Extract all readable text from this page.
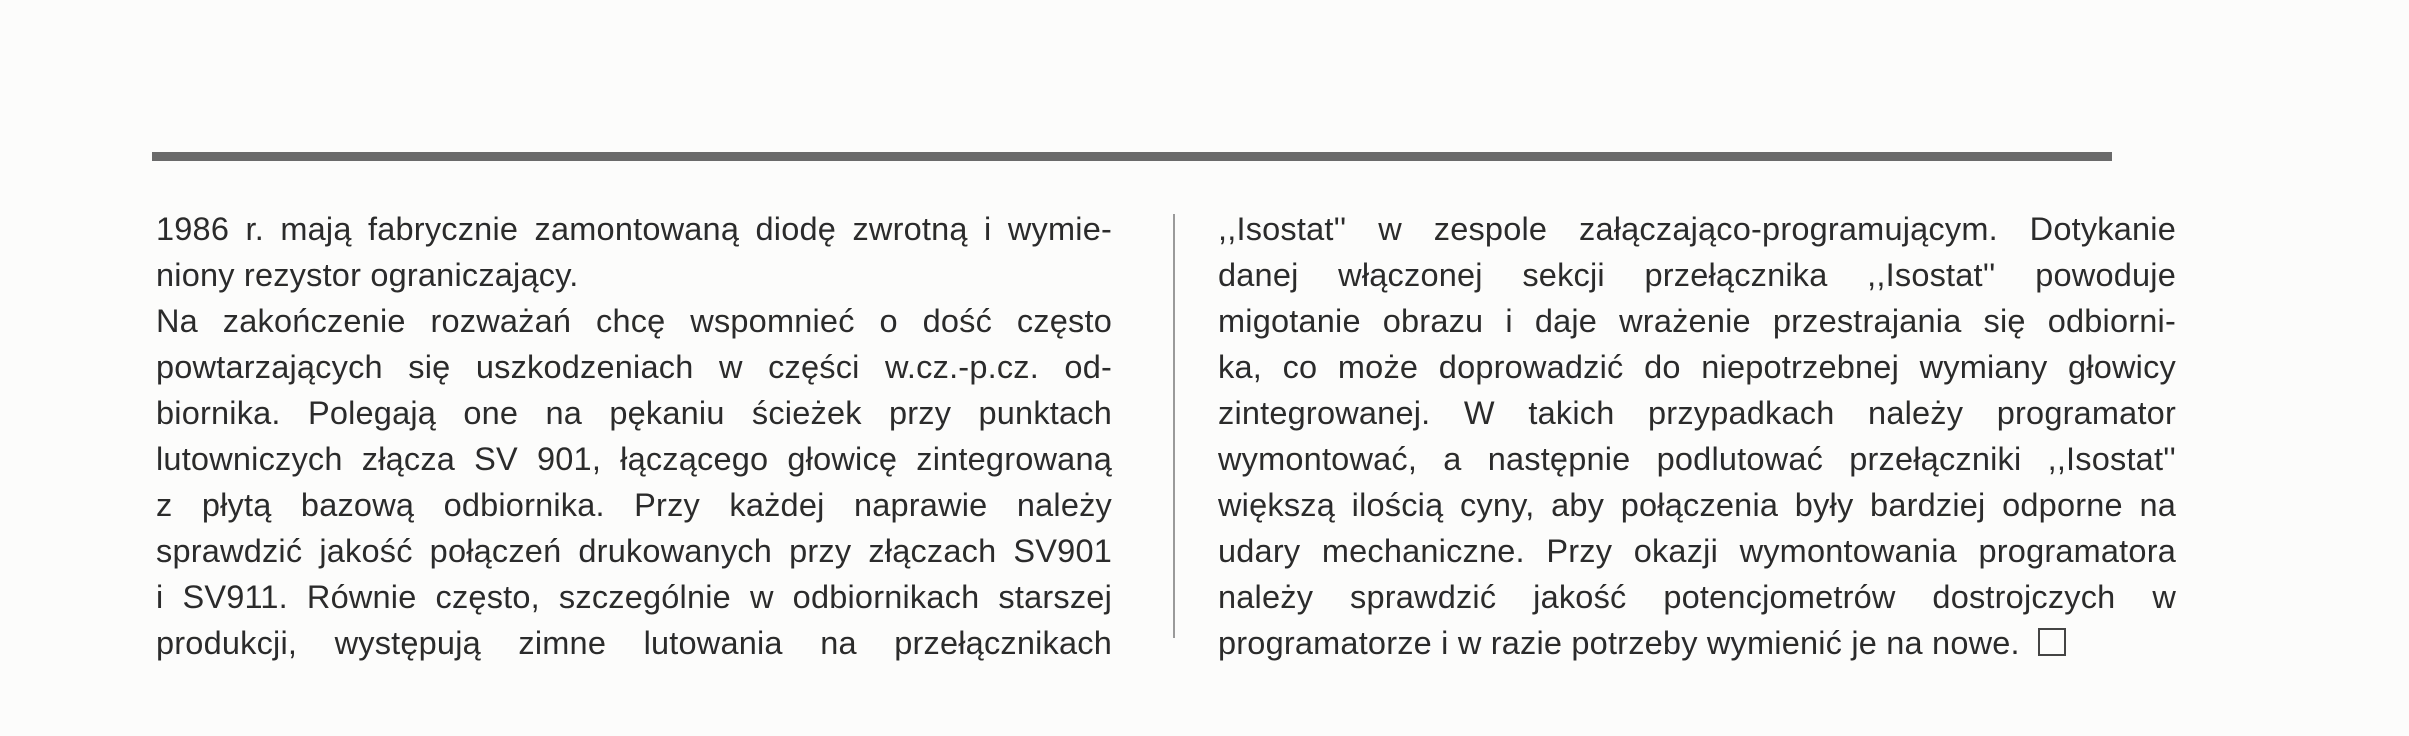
1986 r. mają fabrycznie zamontowaną diodę zwrotną i wymie-
niony rezystor ograniczający.
Na zakończenie rozważań chcę wspomnieć o dość często
powtarzających się uszkodzeniach w części w.cz.-p.cz. od-
biornika. Polegają one na pękaniu ścieżek przy punktach
lutowniczych złącza SV 901, łączącego głowicę zintegrowaną
z płytą bazową odbiornika. Przy każdej naprawie należy
sprawdzić jakość połączeń drukowanych przy złączach SV901
i SV911. Równie często, szczególnie w odbiornikach starszej
produkcji, występują zimne lutowania na przełącznikach
,,Isostat'' w zespole załączająco-programującym. Dotykanie
danej włączonej sekcji przełącznika ,,Isostat'' powoduje
migotanie obrazu i daje wrażenie przestrajania się odbiorni-
ka, co może doprowadzić do niepotrzebnej wymiany głowicy
zintegrowanej. W takich przypadkach należy programator
wymontować, a następnie podlutować przełączniki ,,Isostat''
większą ilością cyny, aby połączenia były bardziej odporne na
udary mechaniczne. Przy okazji wymontowania programatora
należy sprawdzić jakość potencjometrów dostrojczych w
programatorze i w razie potrzeby wymienić je na nowe.
